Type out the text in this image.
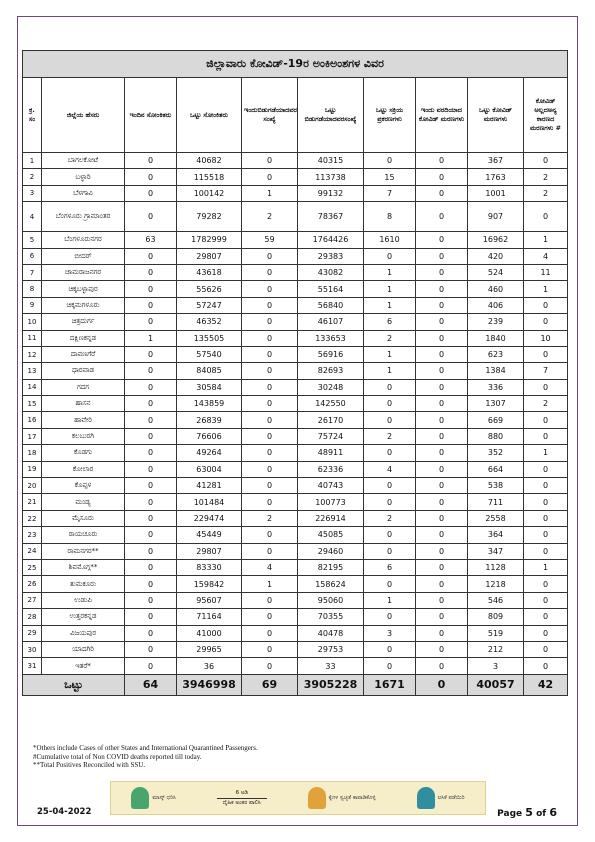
ಜಿಲ್ಲಾವಾರು ಕೋವಿಡ್-19ರ ಅಂಕಿಅಂಶಗಳ ವಿವರ									
ಕ್ರ. ಸಂ	ಜಿಲ್ಲೆಯ ಹೆಸರು	ಇಂದಿನ ಸೋಂಕಿತರು	ಒಟ್ಟು ಸೋಂಕಿತರು	ಇಂದುಬಿಡುಗಡೆಯಾದವರ ಸಂಖ್ಯೆ	ಒಟ್ಟು ಬಿಡುಗಡೆಯಾದವರಸಂಖ್ಯೆ	ಒಟ್ಟು ಸಕ್ರಿಯ ಪ್ರಕರಣಗಳು	ಇಂದು ವರದಿಯಾದ ಕೋವಿಡ್ ಮರಣಗಳು	ಒಟ್ಟು ಕೋವಿಡ್ ಮರಣಗಳು	ಕೋವಿಡ್ ಅಲ್ಲದಅನ್ಯ ಕಾರಣದ ಮರಣಗಳು #
1	ಬಾಗಲಕೋಟೆ	0	40682	0	40315	0	0	367	0
2	ಬಳ್ಳಾರಿ	0	115518	0	113738	15	0	1763	2
3	ಬೆಳಗಾವಿ	0	100142	1	99132	7	0	1001	2
4	ಬೆಂಗಳೂರು ಗ್ರಾಮಾಂತರ	0	79282	2	78367	8	0	907	0
5	ಬೆಂಗಳೂರುನಗರ	63	1782999	59	1764426	1610	0	16962	1
6	ಬೀದರ್	0	29807	0	29383	0	0	420	4
7	ಚಾಮರಾಜನಗರ	0	43618	0	43082	1	0	524	11
8	ಚಿಕ್ಕಬಳ್ಳಾಪುರ	0	55626	0	55164	1	0	460	1
9	ಚಿಕ್ಕಮಗಳೂರು	0	57247	0	56840	1	0	406	0
10	ಚಿತ್ರದುರ್ಗ	0	46352	0	46107	6	0	239	0
11	ದಕ್ಷಿಣಕನ್ನಡ	1	135505	0	133653	2	0	1840	10
12	ದಾವಣಗೆರೆ	0	57540	0	56916	1	0	623	0
13	ಧಾರವಾಡ	0	84085	0	82693	1	0	1384	7
14	ಗದಗ	0	30584	0	30248	0	0	336	0
15	ಹಾಸನ	0	143859	0	142550	0	0	1307	2
16	ಹಾವೇರಿ	0	26839	0	26170	0	0	669	0
17	ಕಲಬುರಗಿ	0	76606	0	75724	2	0	880	0
18	ಕೊಡಗು	0	49264	0	48911	0	0	352	1
19	ಕೋಲಾರ	0	63004	0	62336	4	0	664	0
20	ಕೊಪ್ಪಳ	0	41281	0	40743	0	0	538	0
21	ಮಂಡ್ಯ	0	101484	0	100773	0	0	711	0
22	ಮೈಸೂರು	0	229474	2	226914	2	0	2558	0
23	ರಾಯಚೂರು	0	45449	0	45085	0	0	364	0
24	ರಾಮನಗರ**	0	29807	0	29460	0	0	347	0
25	ಶಿವಮೊಗ್ಗ**	0	83330	4	82195	6	0	1128	1
26	ತುಮಕೂರು	0	159842	1	158624	0	0	1218	0
27	ಉಡುಪಿ	0	95607	0	95060	1	0	546	0
28	ಉತ್ತರಕನ್ನಡ	0	71164	0	70355	0	0	809	0
29	ವಿಜಯಪುರ	0	41000	0	40478	3	0	519	0
30	ಯಾದಗಿರಿ	0	29965	0	29753	0	0	212	0
31	ಇತರೆ*	0	36	0	33	0	0	3	0
ಒಟ್ಟು		64	3946998	69	3905228	1671	0	40057	42
*Others include Cases of other States and International Quarantined Passengers.
#Cumulative total of Non COVID deaths reported till today.
**Total Positives Reconciled with SSU.
ಮಾಸ್ಕ್ ಧರಿಸಿ
6 ಅಡಿ
ದೈಹಿಕ ಅಂತರ ಪಾಲಿಸಿ
ಕೈಗಳ ಸ್ವಚ್ಛತೆ ಕಾಪಾಡಿಕೊಳ್ಳಿ	ಲಸಿಕೆ ಪಡೆಯಿರಿ
25-04-2022	Page 5 of 6
